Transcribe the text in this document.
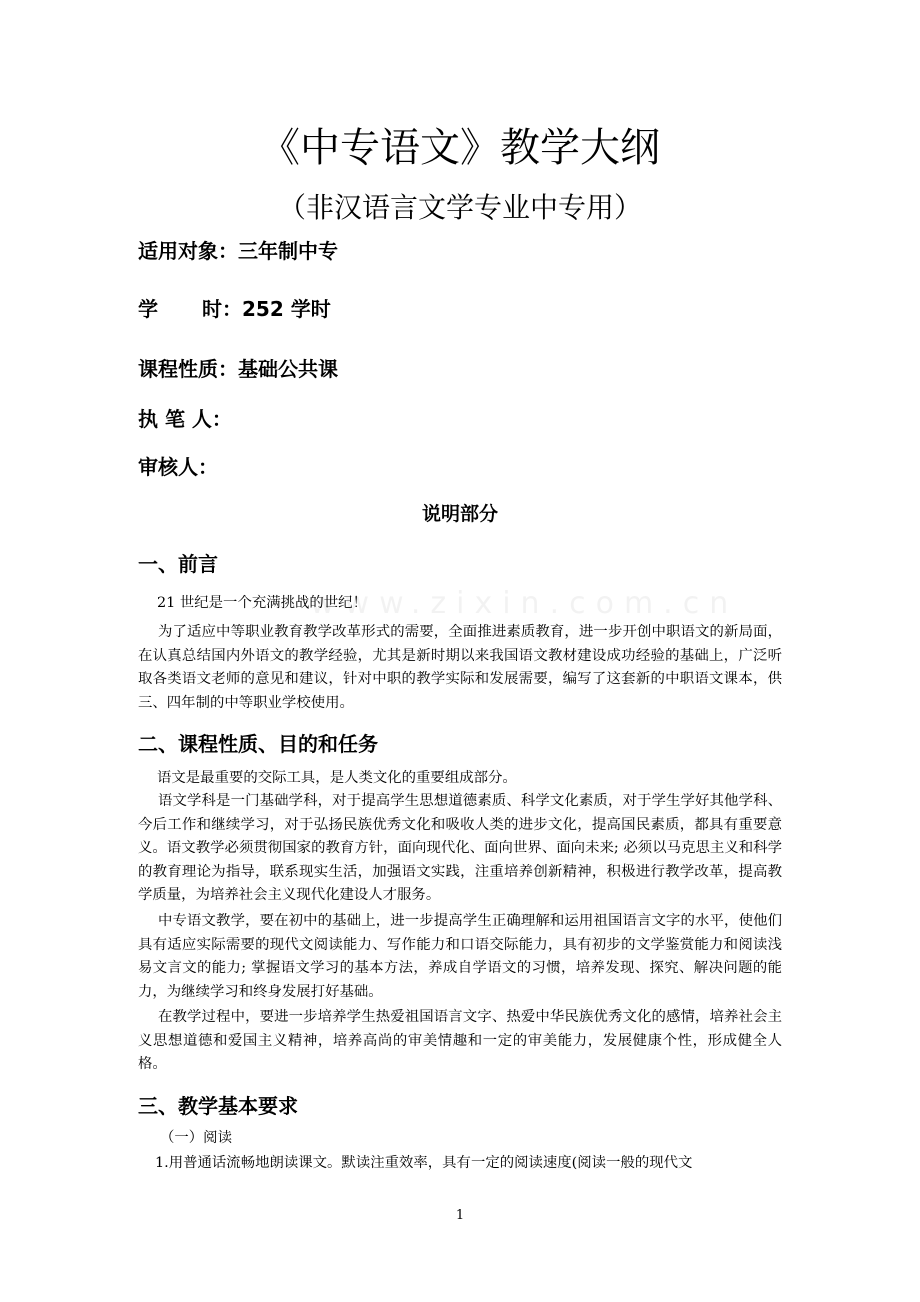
www.zixin.com.cn
《中专语文》教学大纲
（非汉语言文学专业中专用）
适用对象：三年制中专
学 时：252 学时
课程性质：基础公共课
执 笔 人：
审核人：
说明部分
一、前言
21 世纪是一个充满挑战的世纪！
为了适应中等职业教育教学改革形式的需要，全面推进素质教育，进一步开创中职语文的新局面，在认真总结国内外语文的教学经验，尤其是新时期以来我国语文教材建设成功经验的基础上，广泛听取各类语文老师的意见和建议，针对中职的教学实际和发展需要，编写了这套新的中职语文课本，供三、四年制的中等职业学校使用。
二、课程性质、目的和任务
语文是最重要的交际工具，是人类文化的重要组成部分。
语文学科是一门基础学科，对于提高学生思想道德素质、科学文化素质，对于学生学好其他学科、今后工作和继续学习，对于弘扬民族优秀文化和吸收人类的进步文化，提高国民素质，都具有重要意义。语文教学必须贯彻国家的教育方针，面向现代化、面向世界、面向未来; 必须以马克思主义和科学的教育理论为指导，联系现实生活，加强语文实践，注重培养创新精神，积极进行教学改革，提高教学质量，为培养社会主义现代化建设人才服务。
中专语文教学，要在初中的基础上，进一步提高学生正确理解和运用祖国语言文字的水平，使他们具有适应实际需要的现代文阅读能力、写作能力和口语交际能力，具有初步的文学鉴赏能力和阅读浅易文言文的能力; 掌握语文学习的基本方法，养成自学语文的习惯，培养发现、探究、解决问题的能力，为继续学习和终身发展打好基础。
在教学过程中，要进一步培养学生热爱祖国语言文字、热爱中华民族优秀文化的感情，培养社会主义思想道德和爱国主义精神，培养高尚的审美情趣和一定的审美能力，发展健康个性，形成健全人格。
三、教学基本要求
（一）阅读
1.用普通话流畅地朗读课文。默读注重效率，具有一定的阅读速度(阅读一般的现代文
1
